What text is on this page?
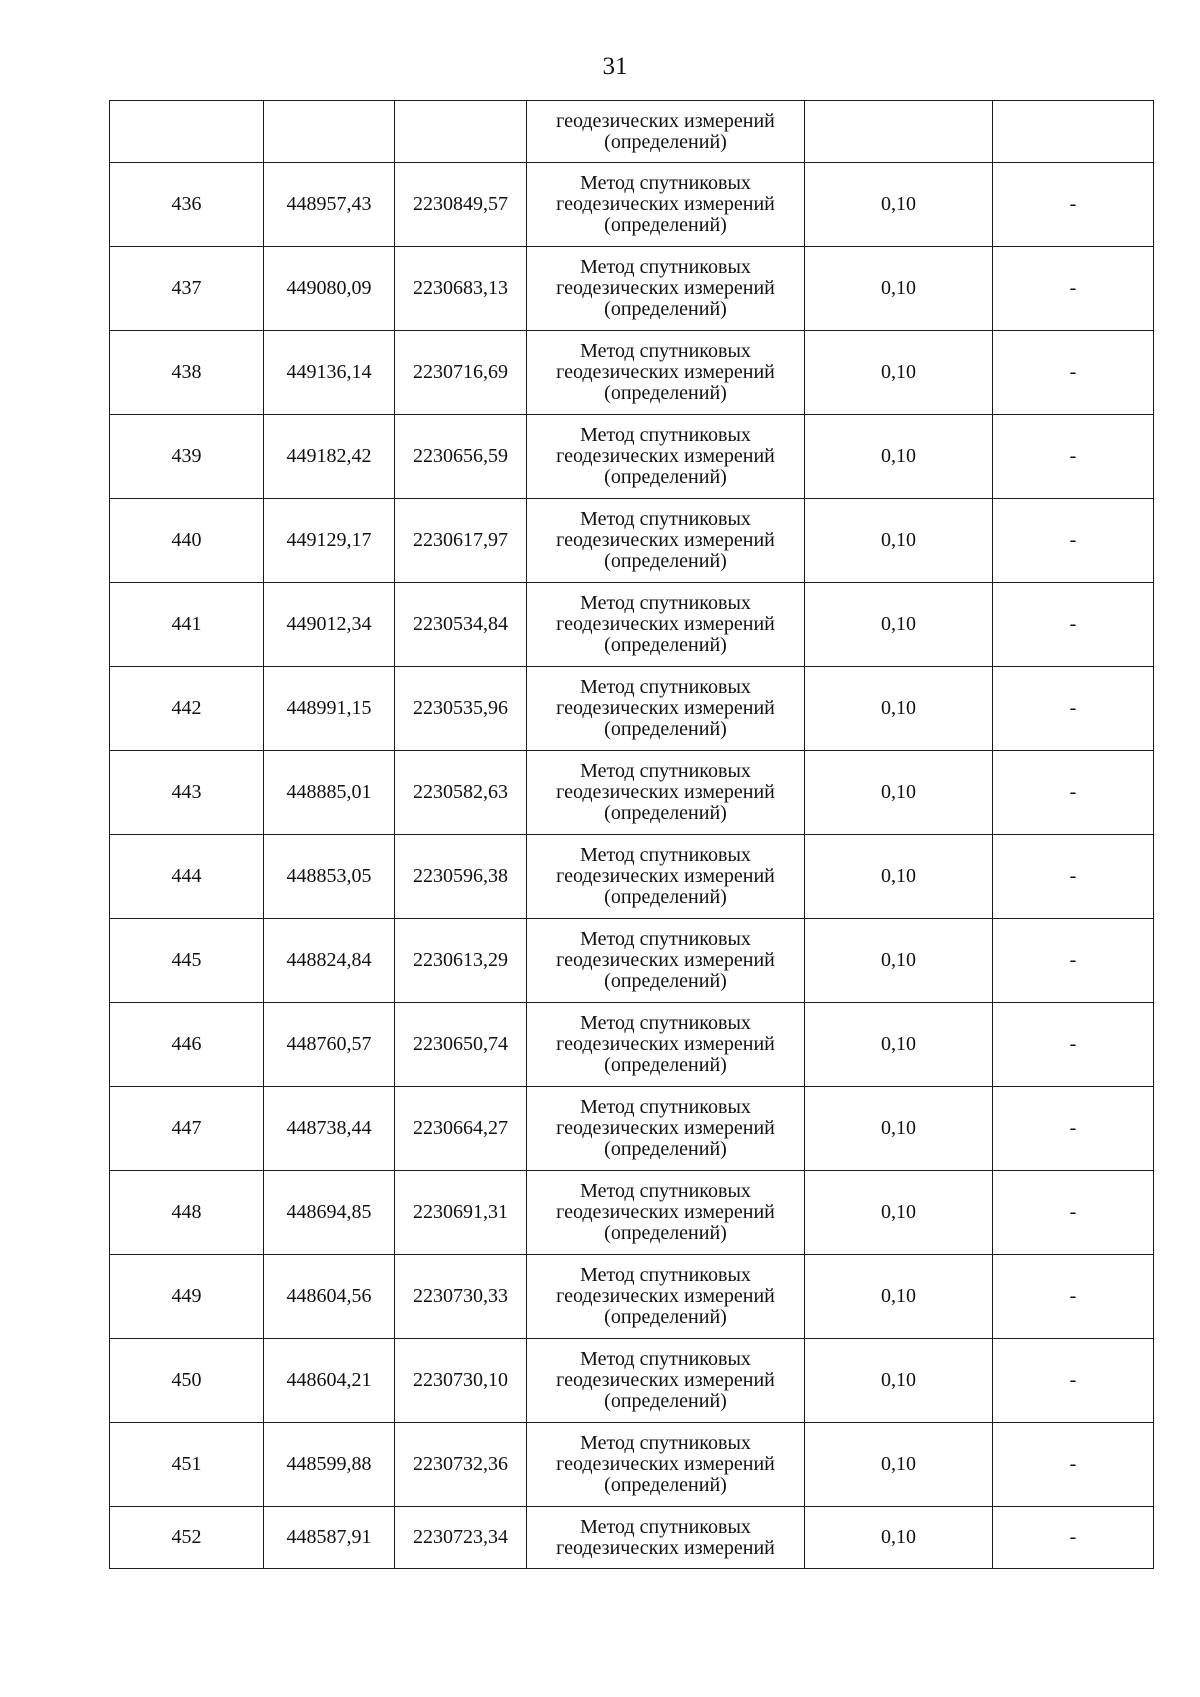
31

			геодезических измерений
(определений)		

436	448957,43	2230849,57	Метод спутниковых
геодезических измерений
(определений)	0,10	-
437	449080,09	2230683,13	Метод спутниковых
геодезических измерений
(определений)	0,10	-
438	449136,14	2230716,69	Метод спутниковых
геодезических измерений
(определений)	0,10	-
439	449182,42	2230656,59	Метод спутниковых
геодезических измерений
(определений)	0,10	-
440	449129,17	2230617,97	Метод спутниковых
геодезических измерений
(определений)	0,10	-
441	449012,34	2230534,84	Метод спутниковых
геодезических измерений
(определений)	0,10	-
442	448991,15	2230535,96	Метод спутниковых
геодезических измерений
(определений)	0,10	-
443	448885,01	2230582,63	Метод спутниковых
геодезических измерений
(определений)	0,10	-
444	448853,05	2230596,38	Метод спутниковых
геодезических измерений
(определений)	0,10	-
445	448824,84	2230613,29	Метод спутниковых
геодезических измерений
(определений)	0,10	-
446	448760,57	2230650,74	Метод спутниковых
геодезических измерений
(определений)	0,10	-
447	448738,44	2230664,27	Метод спутниковых
геодезических измерений
(определений)	0,10	-
448	448694,85	2230691,31	Метод спутниковых
геодезических измерений
(определений)	0,10	-
449	448604,56	2230730,33	Метод спутниковых
геодезических измерений
(определений)	0,10	-
450	448604,21	2230730,10	Метод спутниковых
геодезических измерений
(определений)	0,10	-
451	448599,88	2230732,36	Метод спутниковых
геодезических измерений
(определений)	0,10	-
452	448587,91	2230723,34	Метод спутниковых
геодезических измерений	0,10	-
